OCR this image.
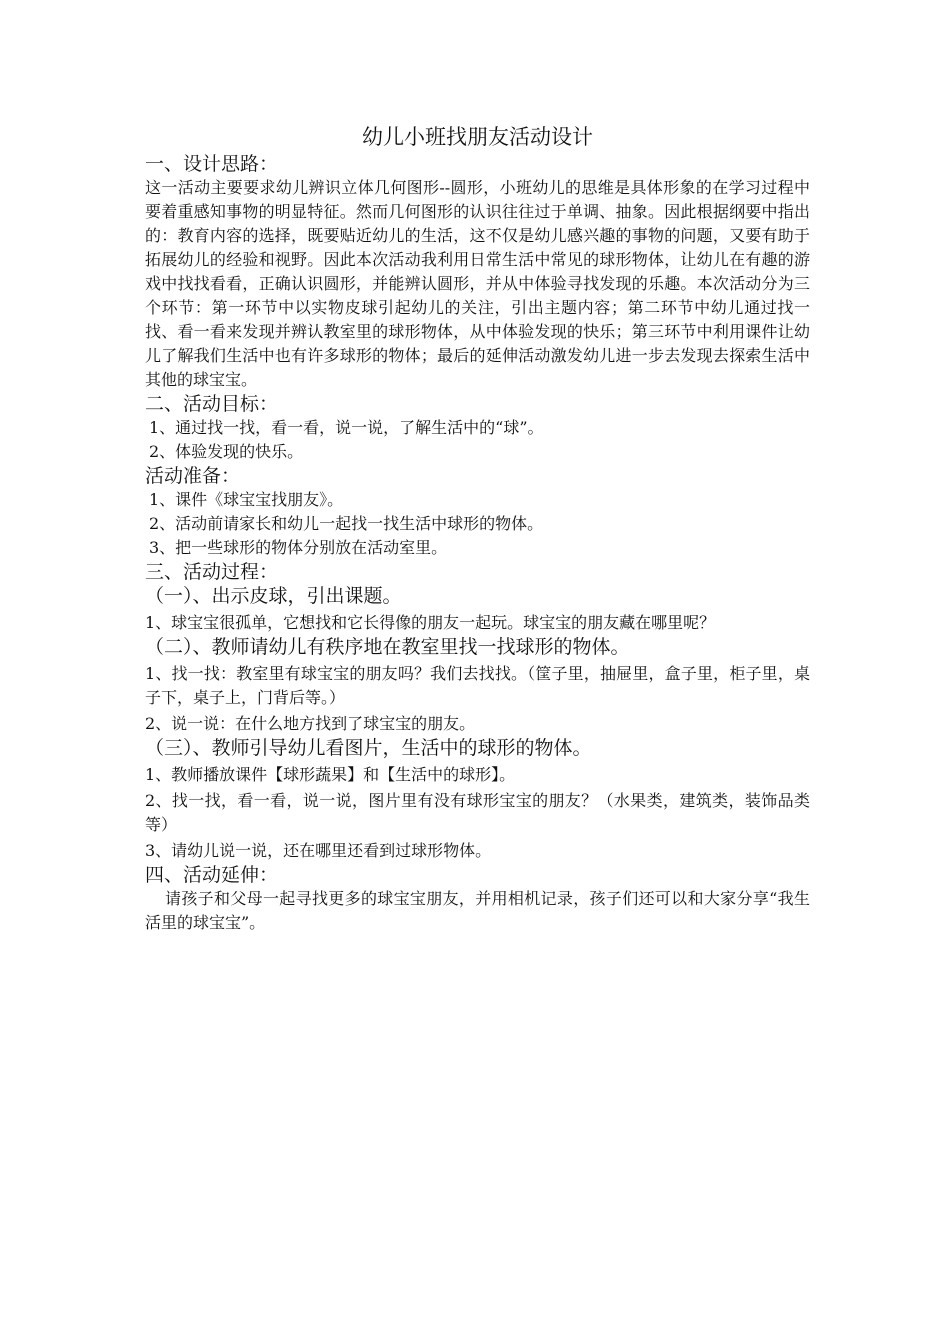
幼儿小班找朋友活动设计
一、设计思路：

这一活动主要要求幼儿辨识立体几何图形--圆形，小班幼儿的思维是具体形象的在学习过程中要着重感知事物的明显特征。然而几何图形的认识往往过于单调、抽象。因此根据纲要中指出的：教育内容的选择，既要贴近幼儿的生活，这不仅是幼儿感兴趣的事物的问题，又要有助于拓展幼儿的经验和视野。因此本次活动我利用日常生活中常见的球形物体，让幼儿在有趣的游戏中找找看看，正确认识圆形，并能辨认圆形，并从中体验寻找发现的乐趣。本次活动分为三个环节：第一环节中以实物皮球引起幼儿的关注，引出主题内容；第二环节中幼儿通过找一找、看一看来发现并辨认教室里的球形物体，从中体验发现的快乐；第三环节中利用课件让幼儿了解我们生活中也有许多球形的物体；最后的延伸活动激发幼儿进一步去发现去探索生活中其他的球宝宝。

二、活动目标：

1、通过找一找，看一看，说一说，了解生活中的“球”。

2、体验发现的快乐。

活动准备：

1、课件《球宝宝找朋友》。

2、活动前请家长和幼儿一起找一找生活中球形的物体。

3、把一些球形的物体分别放在活动室里。

三、活动过程：
（一）、出示皮球，引出课题。

1、球宝宝很孤单，它想找和它长得像的朋友一起玩。球宝宝的朋友藏在哪里呢？

（二）、教师请幼儿有秩序地在教室里找一找球形的物体。

1、找一找：教室里有球宝宝的朋友吗？我们去找找。（筐子里，抽屉里，盒子里，柜子里，桌子下，桌子上，门背后等。）

2、说一说：在什么地方找到了球宝宝的朋友。

（三）、教师引导幼儿看图片，生活中的球形的物体。

1、教师播放课件【球形蔬果】和【生活中的球形】。

2、找一找，看一看，说一说，图片里有没有球形宝宝的朋友？（水果类，建筑类，装饰品类等）

3、请幼儿说一说，还在哪里还看到过球形物体。

四、活动延伸：

请孩子和父母一起寻找更多的球宝宝朋友，并用相机记录，孩子们还可以和大家分享“我生活里的球宝宝”。
